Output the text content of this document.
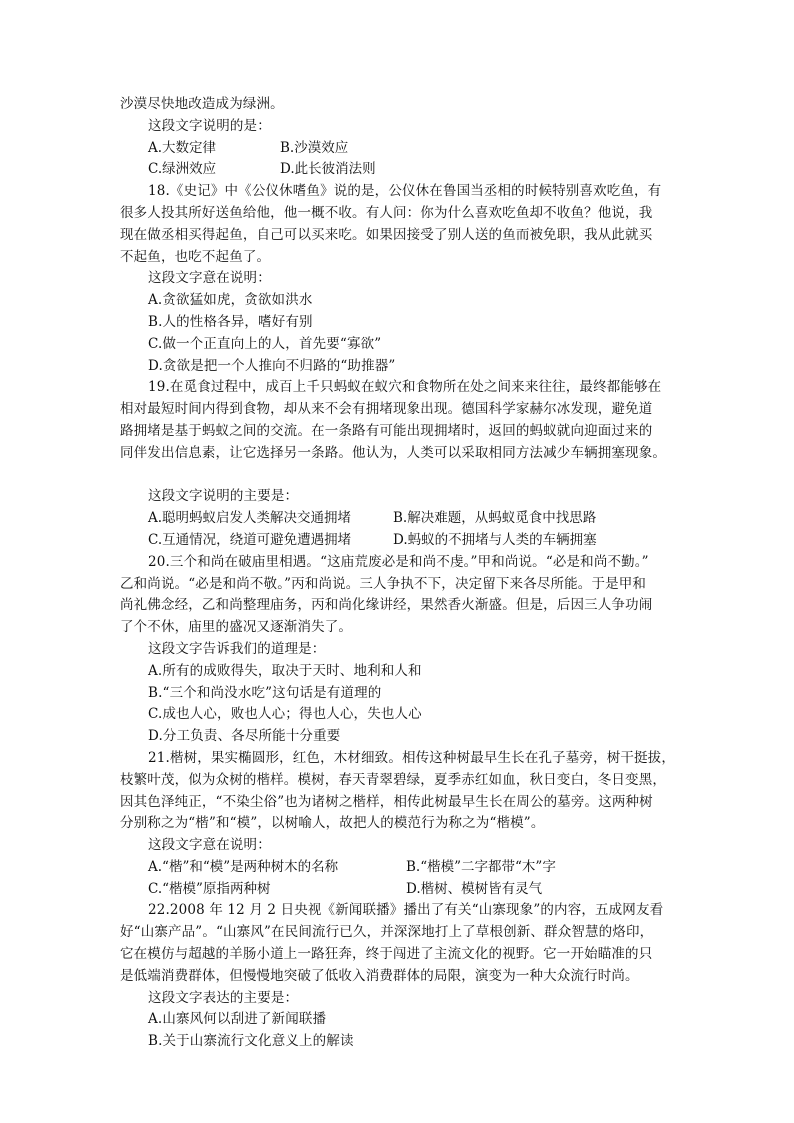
沙漠尽快地改造成为绿洲。
这段文字说明的是：
A.大数定律	B.沙漠效应
C.绿洲效应	D.此长彼消法则
18.《史记》中《公仪休嗜鱼》说的是，公仪休在鲁国当丞相的时候特别喜欢吃鱼，有
很多人投其所好送鱼给他，他一概不收。有人问：你为什么喜欢吃鱼却不收鱼？他说，我
现在做丞相买得起鱼，自己可以买来吃。如果因接受了别人送的鱼而被免职，我从此就买
不起鱼，也吃不起鱼了。
这段文字意在说明：
A.贪欲猛如虎，贪欲如洪水
B.人的性格各异，嗜好有别
C.做一个正直向上的人，首先要“寡欲”
D.贪欲是把一个人推向不归路的“助推器”
19.在觅食过程中，成百上千只蚂蚁在蚁穴和食物所在处之间来来往往，最终都能够在
相对最短时间内得到食物，却从来不会有拥堵现象出现。德国科学家赫尔冰发现，避免道
路拥堵是基于蚂蚁之间的交流。在一条路有可能出现拥堵时，返回的蚂蚁就向迎面过来的
同伴发出信息素，让它选择另一条路。他认为，人类可以采取相同方法减少车辆拥塞现象。
这段文字说明的主要是：
A.聪明蚂蚁启发人类解决交通拥堵	B.解决难题，从蚂蚁觅食中找思路
C.互通情况，绕道可避免遭遇拥堵	D.蚂蚁的不拥堵与人类的车辆拥塞
20.三个和尚在破庙里相遇。“这庙荒废必是和尚不虔。”甲和尚说。“必是和尚不勤。”
乙和尚说。“必是和尚不敬。”丙和尚说。三人争执不下，决定留下来各尽所能。于是甲和
尚礼佛念经，乙和尚整理庙务，丙和尚化缘讲经，果然香火渐盛。但是，后因三人争功闹
了个不休，庙里的盛况又逐渐消失了。
这段文字告诉我们的道理是：
A.所有的成败得失，取决于天时、地利和人和
B.“三个和尚没水吃”这句话是有道理的
C.成也人心，败也人心；得也人心，失也人心
D.分工负责、各尽所能十分重要
21.楷树，果实椭圆形，红色，木材细致。相传这种树最早生长在孔子墓旁，树干挺拔，
枝繁叶茂，似为众树的楷样。模树，春天青翠碧绿，夏季赤红如血，秋日变白，冬日变黑，
因其色泽纯正，“不染尘俗”也为诸树之楷样，相传此树最早生长在周公的墓旁。这两种树
分别称之为“楷”和“模”，以树喻人，故把人的模范行为称之为“楷模”。
这段文字意在说明：
A.“楷”和“模”是两种树木的名称	B.“楷模”二字都带“木”字
C.“楷模”原指两种树	D.楷树、模树皆有灵气
22.2008 年 12 月 2 日央视《新闻联播》播出了有关“山寨现象”的内容，五成网友看
好“山寨产品”。“山寨风”在民间流行已久，并深深地打上了草根创新、群众智慧的烙印，
它在模仿与超越的羊肠小道上一路狂奔，终于闯进了主流文化的视野。它一开始瞄准的只
是低端消费群体，但慢慢地突破了低收入消费群体的局限，演变为一种大众流行时尚。
这段文字表达的主要是：
A.山寨风何以刮进了新闻联播
B.关于山寨流行文化意义上的解读
